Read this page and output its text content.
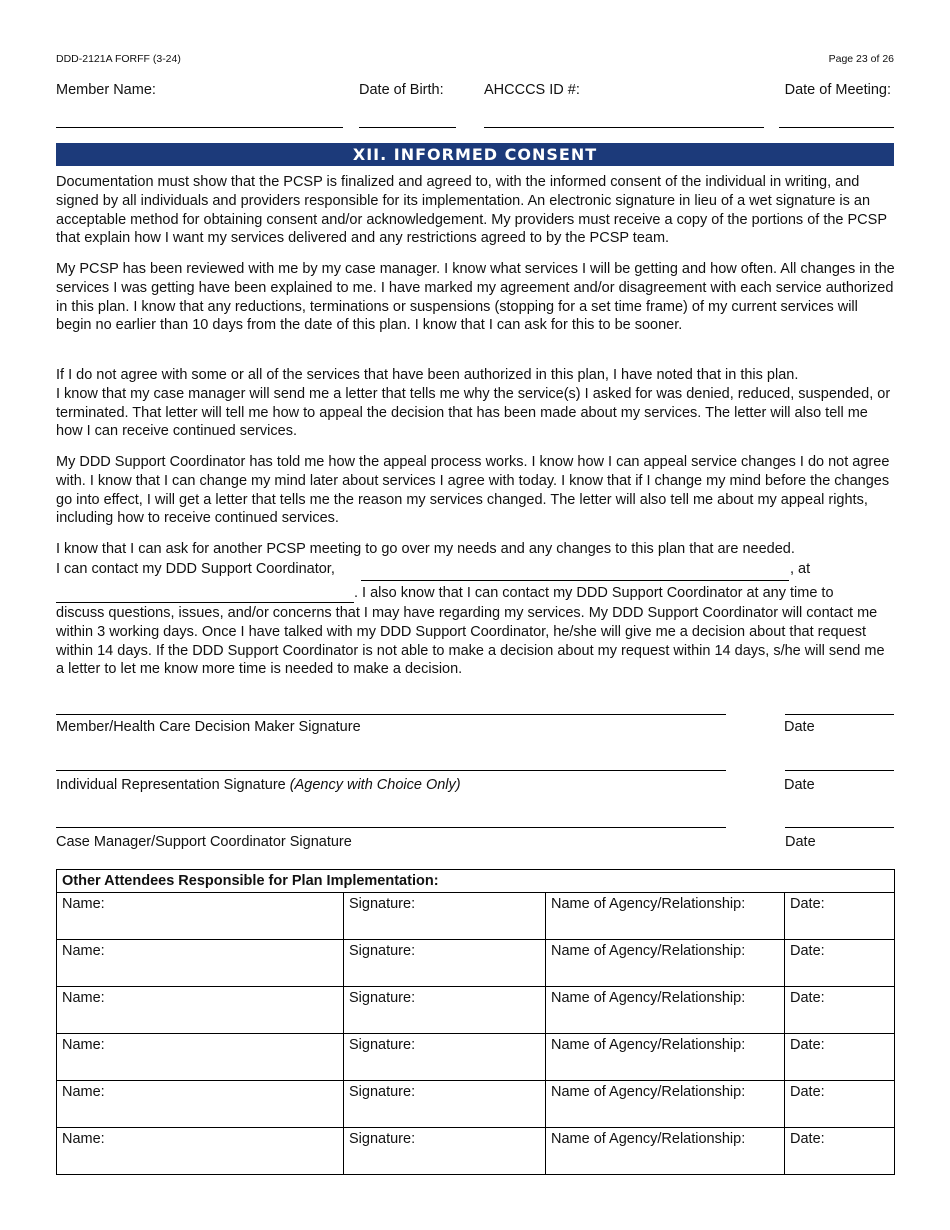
DDD-2121A FORFF (3-24)	Page 23 of 26
Member Name:	Date of Birth:	AHCCCS ID #:	Date of Meeting:
XII. INFORMED CONSENT

Documentation must show that the PCSP is finalized and agreed to, with the informed consent of the individual in writing, and signed by all individuals and providers responsible for its implementation. An electronic signature in lieu of a wet signature is an acceptable method for obtaining consent and/or acknowledgement. My providers must receive a copy of the portions of the PCSP that explain how I want my services delivered and any restrictions agreed to by the PCSP team.

My PCSP has been reviewed with me by my case manager. I know what services I will be getting and how often. All changes in the services I was getting have been explained to me. I have marked my agreement and/or disagreement with each service authorized in this plan. I know that any reductions, terminations or suspensions (stopping for a set time frame) of my current services will begin no earlier than 10 days from the date of this plan. I know that I can ask for this to be sooner.

If I do not agree with some or all of the services that have been authorized in this plan, I have noted that in this plan.
I know that my case manager will send me a letter that tells me why the service(s) I asked for was denied, reduced, suspended, or terminated. That letter will tell me how to appeal the decision that has been made about my services. The letter will also tell me how I can receive continued services.

My DDD Support Coordinator has told me how the appeal process works. I know how I can appeal service changes I do not agree with. I know that I can change my mind later about services I agree with today. I know that if I change my mind before the changes go into effect, I will get a letter that tells me the reason my services changed. The letter will also tell me about my appeal rights, including how to receive continued services.

I know that I can ask for another PCSP meeting to go over my needs and any changes to this plan that are needed.
I can contact my DDD Support Coordinator,	, at
. I also know that I can contact my DDD Support Coordinator at any time to

discuss questions, issues, and/or concerns that I may have regarding my services. My DDD Support Coordinator will contact me within 3 working days. Once I have talked with my DDD Support Coordinator, he/she will give me a decision about that request within 14 days. If the DDD Support Coordinator is not able to make a decision about my request within 14 days, s/he will send me a letter to let me know more time is needed to make a decision.

Member/Health Care Decision Maker Signature	Date
Individual Representation Signature (Agency with Choice Only)	Date
Case Manager/Support Coordinator Signature	Date
Other Attendees Responsible for Plan Implementation:			
Name:	Signature:	Name of Agency/Relationship:	Date:
Name:	Signature:	Name of Agency/Relationship:	Date:
Name:	Signature:	Name of Agency/Relationship:	Date:
Name:	Signature:	Name of Agency/Relationship:	Date:
Name:	Signature:	Name of Agency/Relationship:	Date:
Name:	Signature:	Name of Agency/Relationship:	Date:
